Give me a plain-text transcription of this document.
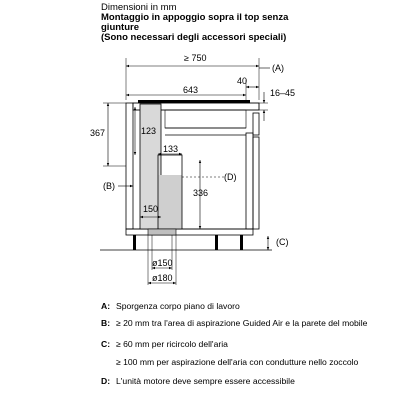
Dimensioni in mm
Montaggio in appoggio sopra il top senza
giunture
(Sono necessari degli accessori speciali)
≥ 750
643
40
(A)
16–45
367	123
133
(D)
336
(B)
150
(C)
ø150
ø180
A: Sporgenza corpo piano di lavoro
B: ≥ 20 mm tra l'area di aspirazione Guided Air e la parete del mobile
C: ≥ 60 mm per ricircolo dell'aria
≥ 100 mm per aspirazione dell'aria con condutture nello zoccolo
D: L'unità motore deve sempre essere accessibile
